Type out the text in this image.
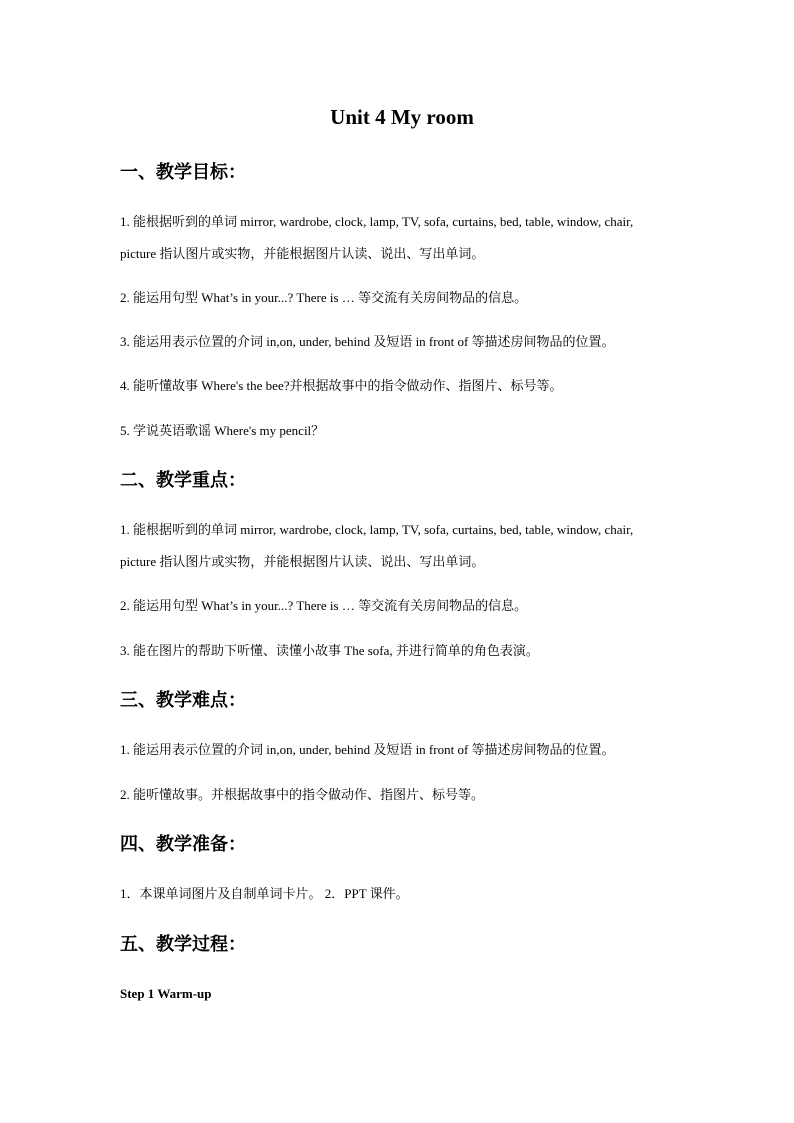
Unit 4 My room
一、教学目标：
1. 能根据听到的单词 mirror, wardrobe, clock, lamp, TV, sofa, curtains, bed, table, window, chair,
picture 指认图片或实物，并能根据图片认读、说出、写出单词。
2. 能运用句型 What’s in your...? There is … 等交流有关房间物品的信息。
3. 能运用表示位置的介词 in,on, under, behind 及短语 in front of 等描述房间物品的位置。
4. 能听懂故事 Where's the bee?并根据故事中的指令做动作、指图片、标号等。
5. 学说英语歌谣 Where's my pencil？
二、教学重点：
1. 能根据听到的单词 mirror, wardrobe, clock, lamp, TV, sofa, curtains, bed, table, window, chair,
picture 指认图片或实物，并能根据图片认读、说出、写出单词。
2. 能运用句型 What’s in your...? There is … 等交流有关房间物品的信息。
3. 能在图片的帮助下听懂、读懂小故事 The sofa, 并进行简单的角色表演。
三、教学难点：
1. 能运用表示位置的介词 in,on, under, behind 及短语 in front of 等描述房间物品的位置。
2. 能听懂故事。并根据故事中的指令做动作、指图片、标号等。
四、教学准备：
1．本课单词图片及自制单词卡片。 2．PPT 课件。
五、教学过程：
Step 1 Warm-up
